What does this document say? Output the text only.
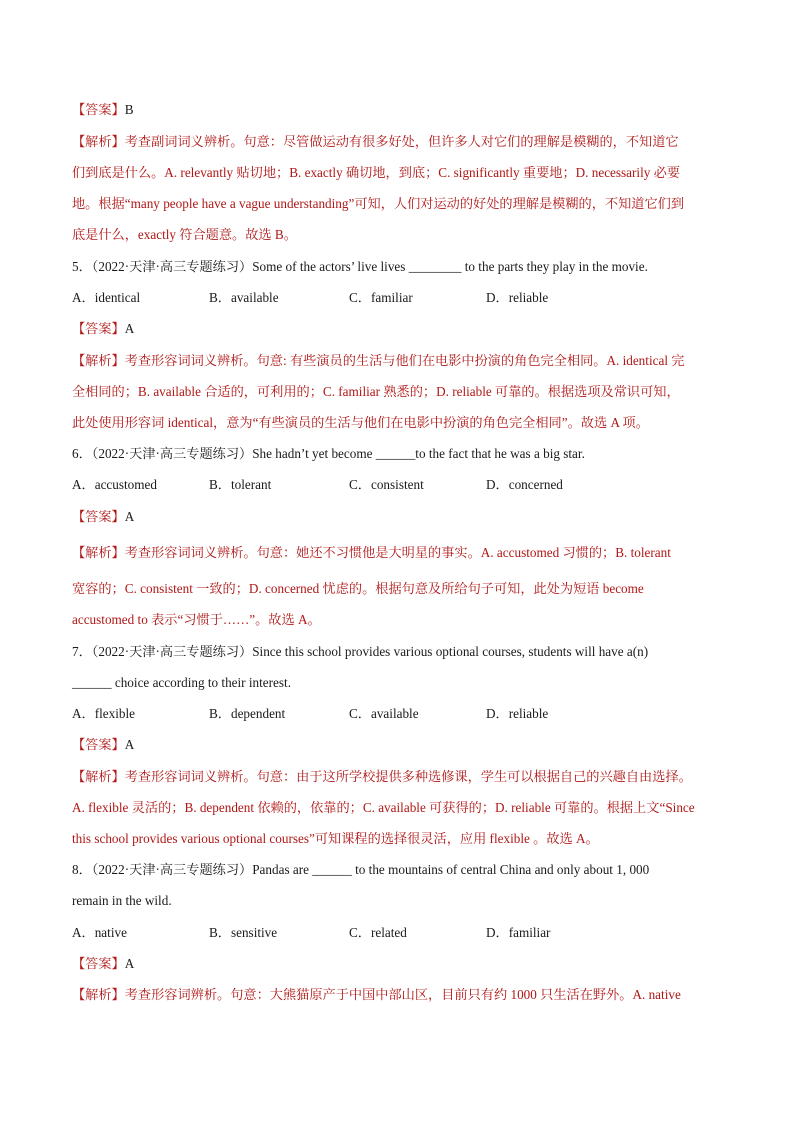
【答案】B
【解析】考查副词词义辨析。句意：尽管做运动有很多好处，但许多人对它们的理解是模糊的，不知道它
们到底是什么。A. relevantly 贴切地；B. exactly 确切地，到底；C. significantly 重要地；D. necessarily 必要
地。根据“many people have a vague understanding”可知，人们对运动的好处的理解是模糊的，不知道它们到
底是什么，exactly 符合题意。故选 B。
5．（2022·天津·高三专题练习）Some of the actors’ live lives ________ to the parts they play in the movie.
A．identical	B．available	C．familiar	D．reliable
【答案】A
【解析】考查形容词词义辨析。句意: 有些演员的生活与他们在电影中扮演的角色完全相同。A. identical 完
全相同的；B. available 合适的，可利用的；C. familiar 熟悉的；D. reliable 可靠的。根据选项及常识可知，
此处使用形容词 identical，意为“有些演员的生活与他们在电影中扮演的角色完全相同”。故选 A 项。
6．（2022·天津·高三专题练习）She hadn’t yet become ______to the fact that he was a big star.
A．accustomed	B．tolerant	C．consistent	D．concerned
【答案】A
【解析】考查形容词词义辨析。句意：她还不习惯他是大明星的事实。A. accustomed 习惯的；B. tolerant
宽容的；C. consistent 一致的；D. concerned 忧虑的。根据句意及所给句子可知，此处为短语 become
accustomed to 表示“习惯于……”。故选 A。
7．（2022·天津·高三专题练习）Since this school provides various optional courses, students will have a(n)
______ choice according to their interest.
A．flexible	B．dependent	C．available	D．reliable
【答案】A
【解析】考查形容词词义辨析。句意：由于这所学校提供多种选修课，学生可以根据自己的兴趣自由选择。
A. flexible 灵活的；B. dependent 依赖的，依靠的；C. available 可获得的；D. reliable 可靠的。根据上文“Since
this school provides various optional courses”可知课程的选择很灵活，应用 flexible 。故选 A。
8．（2022·天津·高三专题练习）Pandas are ______ to the mountains of central China and only about 1, 000
remain in the wild.
A．native	B．sensitive	C．related	D．familiar
【答案】A
【解析】考查形容词辨析。句意：大熊猫原产于中国中部山区，目前只有约 1000 只生活在野外。A. native
